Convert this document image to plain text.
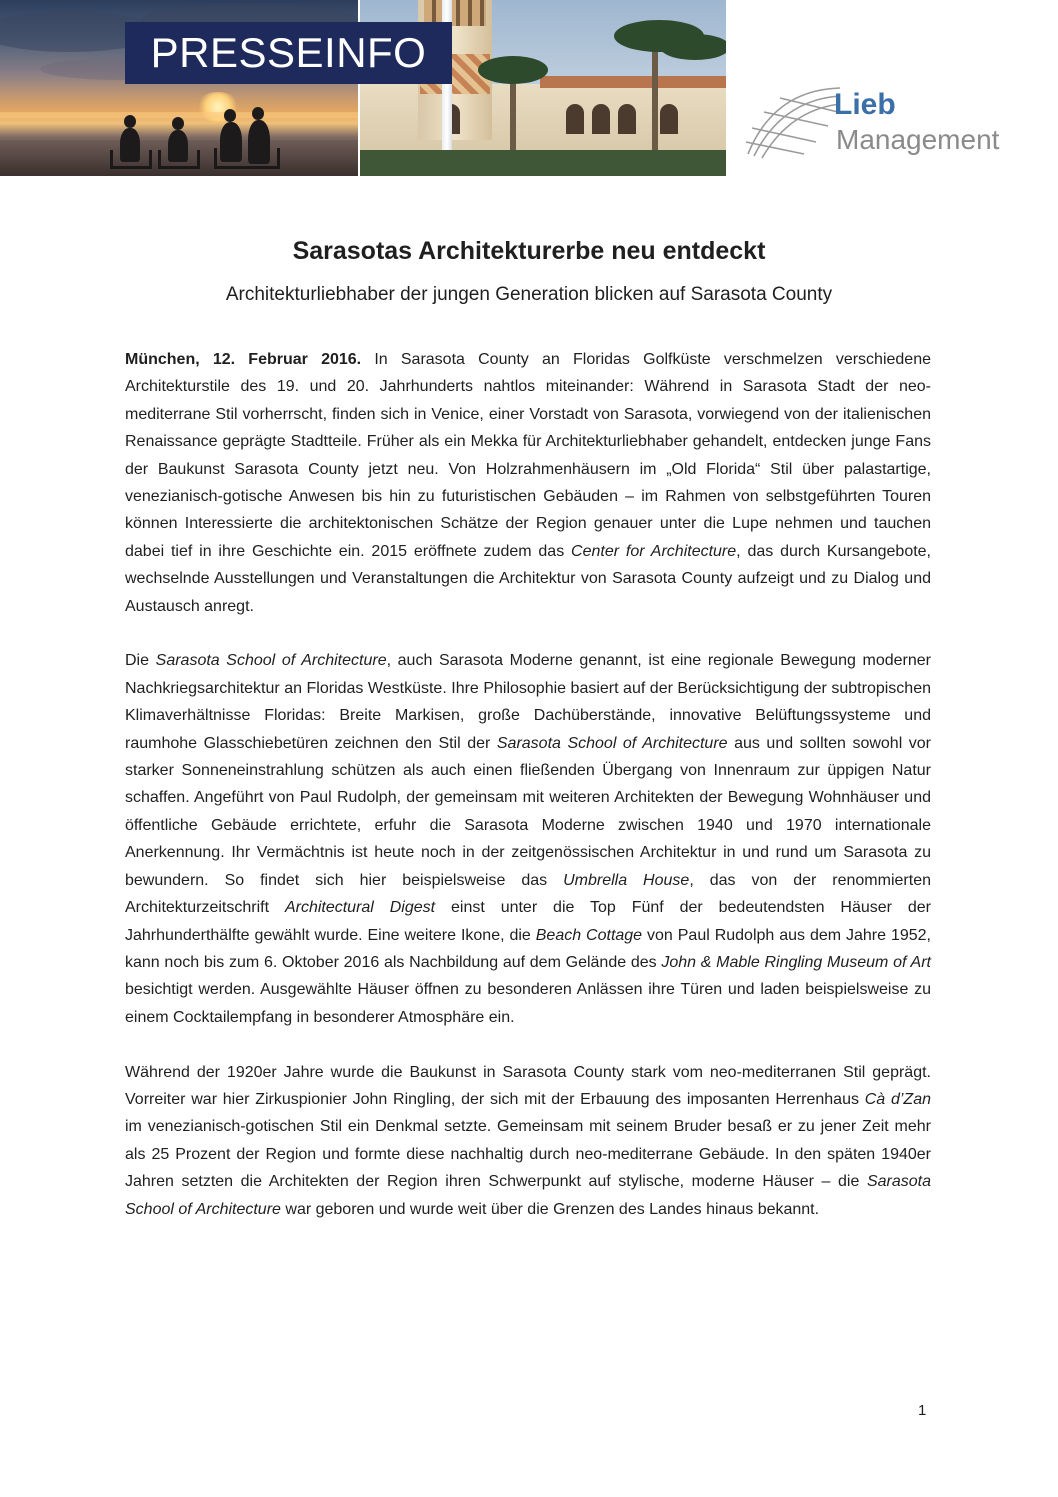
PRESSEINFO
Lieb
Management
Sarasotas Architekturerbe neu entdeckt
Architekturliebhaber der jungen Generation blicken auf Sarasota County

München, 12. Februar 2016. In Sarasota County an Floridas Golfküste verschmelzen verschiedene Architekturstile des 19. und 20. Jahrhunderts nahtlos miteinander: Während in Sarasota Stadt der neo-mediterrane Stil vorherrscht, finden sich in Venice, einer Vorstadt von Sarasota, vorwiegend von der italienischen Renaissance geprägte Stadtteile. Früher als ein Mekka für Architekturliebhaber gehandelt, entdecken junge Fans der Baukunst Sarasota County jetzt neu. Von Holzrahmenhäusern im „Old Florida“ Stil über palastartige, venezianisch-gotische Anwesen bis hin zu futuristischen Gebäuden – im Rahmen von selbstgeführten Touren können Interessierte die architektonischen Schätze der Region genauer unter die Lupe nehmen und tauchen dabei tief in ihre Geschichte ein. 2015 eröffnete zudem das Center for Architecture, das durch Kursangebote, wechselnde Ausstellungen und Veranstaltungen die Architektur von Sarasota County aufzeigt und zu Dialog und Austausch anregt.

Die Sarasota School of Architecture, auch Sarasota Moderne genannt, ist eine regionale Bewegung moderner Nachkriegsarchitektur an Floridas Westküste. Ihre Philosophie basiert auf der Berücksichtigung der subtropischen Klimaverhältnisse Floridas: Breite Markisen, große Dachüberstände, innovative Belüftungssysteme und raumhohe Glasschiebetüren zeichnen den Stil der Sarasota School of Architecture aus und sollten sowohl vor starker Sonneneinstrahlung schützen als auch einen fließenden Übergang von Innenraum zur üppigen Natur schaffen. Angeführt von Paul Rudolph, der gemeinsam mit weiteren Architekten der Bewegung Wohnhäuser und öffentliche Gebäude errichtete, erfuhr die Sarasota Moderne zwischen 1940 und 1970 internationale Anerkennung. Ihr Vermächtnis ist heute noch in der zeitgenössischen Architektur in und rund um Sarasota zu bewundern. So findet sich hier beispielsweise das Umbrella House, das von der renommierten Architekturzeitschrift Architectural Digest einst unter die Top Fünf der bedeutendsten Häuser der Jahrhunderthälfte gewählt wurde. Eine weitere Ikone, die Beach Cottage von Paul Rudolph aus dem Jahre 1952, kann noch bis zum 6. Oktober 2016 als Nachbildung auf dem Gelände des John & Mable Ringling Museum of Art besichtigt werden. Ausgewählte Häuser öffnen zu besonderen Anlässen ihre Türen und laden beispielsweise zu einem Cocktailempfang in besonderer Atmosphäre ein.

Während der 1920er Jahre wurde die Baukunst in Sarasota County stark vom neo-mediterranen Stil geprägt. Vorreiter war hier Zirkuspionier John Ringling, der sich mit der Erbauung des imposanten Herrenhaus Cà d’Zan im venezianisch-gotischen Stil ein Denkmal setzte. Gemeinsam mit seinem Bruder besaß er zu jener Zeit mehr als 25 Prozent der Region und formte diese nachhaltig durch neo-mediterrane Gebäude. In den späten 1940er Jahren setzten die Architekten der Region ihren Schwerpunkt auf stylische, moderne Häuser – die Sarasota School of Architecture war geboren und wurde weit über die Grenzen des Landes hinaus bekannt.

1
